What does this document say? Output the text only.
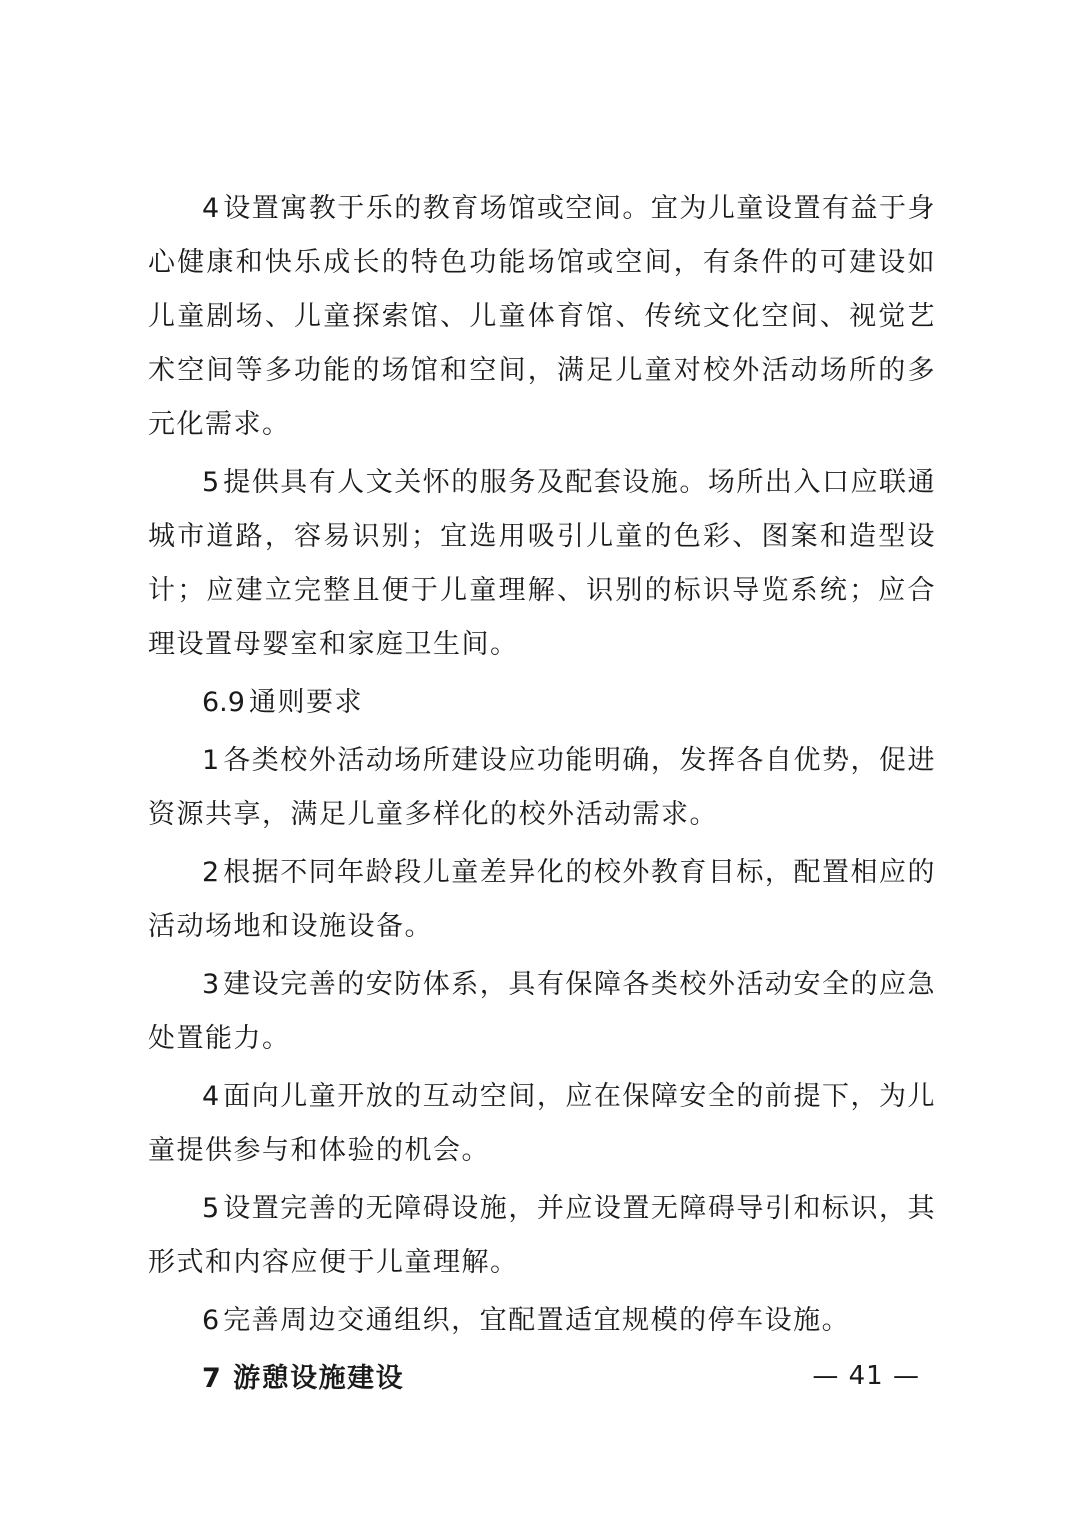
4 设置寓教于乐的教育场馆或空间。宜为儿童设置有益于身心健康和快乐成长的特色功能场馆或空间，有条件的可建设如儿童剧场、儿童探索馆、儿童体育馆、传统文化空间、视觉艺术空间等多功能的场馆和空间，满足儿童对校外活动场所的多元化需求。

5 提供具有人文关怀的服务及配套设施。场所出入口应联通城市道路，容易识别；宜选用吸引儿童的色彩、图案和造型设计；应建立完整且便于儿童理解、识别的标识导览系统；应合理设置母婴室和家庭卫生间。

6.9 通则要求

1 各类校外活动场所建设应功能明确，发挥各自优势，促进资源共享，满足儿童多样化的校外活动需求。

2 根据不同年龄段儿童差异化的校外教育目标，配置相应的活动场地和设施设备。

3 建设完善的安防体系，具有保障各类校外活动安全的应急处置能力。

4 面向儿童开放的互动空间，应在保障安全的前提下，为儿童提供参与和体验的机会。

5 设置完善的无障碍设施，并应设置无障碍导引和标识，其形式和内容应便于儿童理解。

6 完善周边交通组织，宜配置适宜规模的停车设施。

7 游憩设施建设	— 41 —
